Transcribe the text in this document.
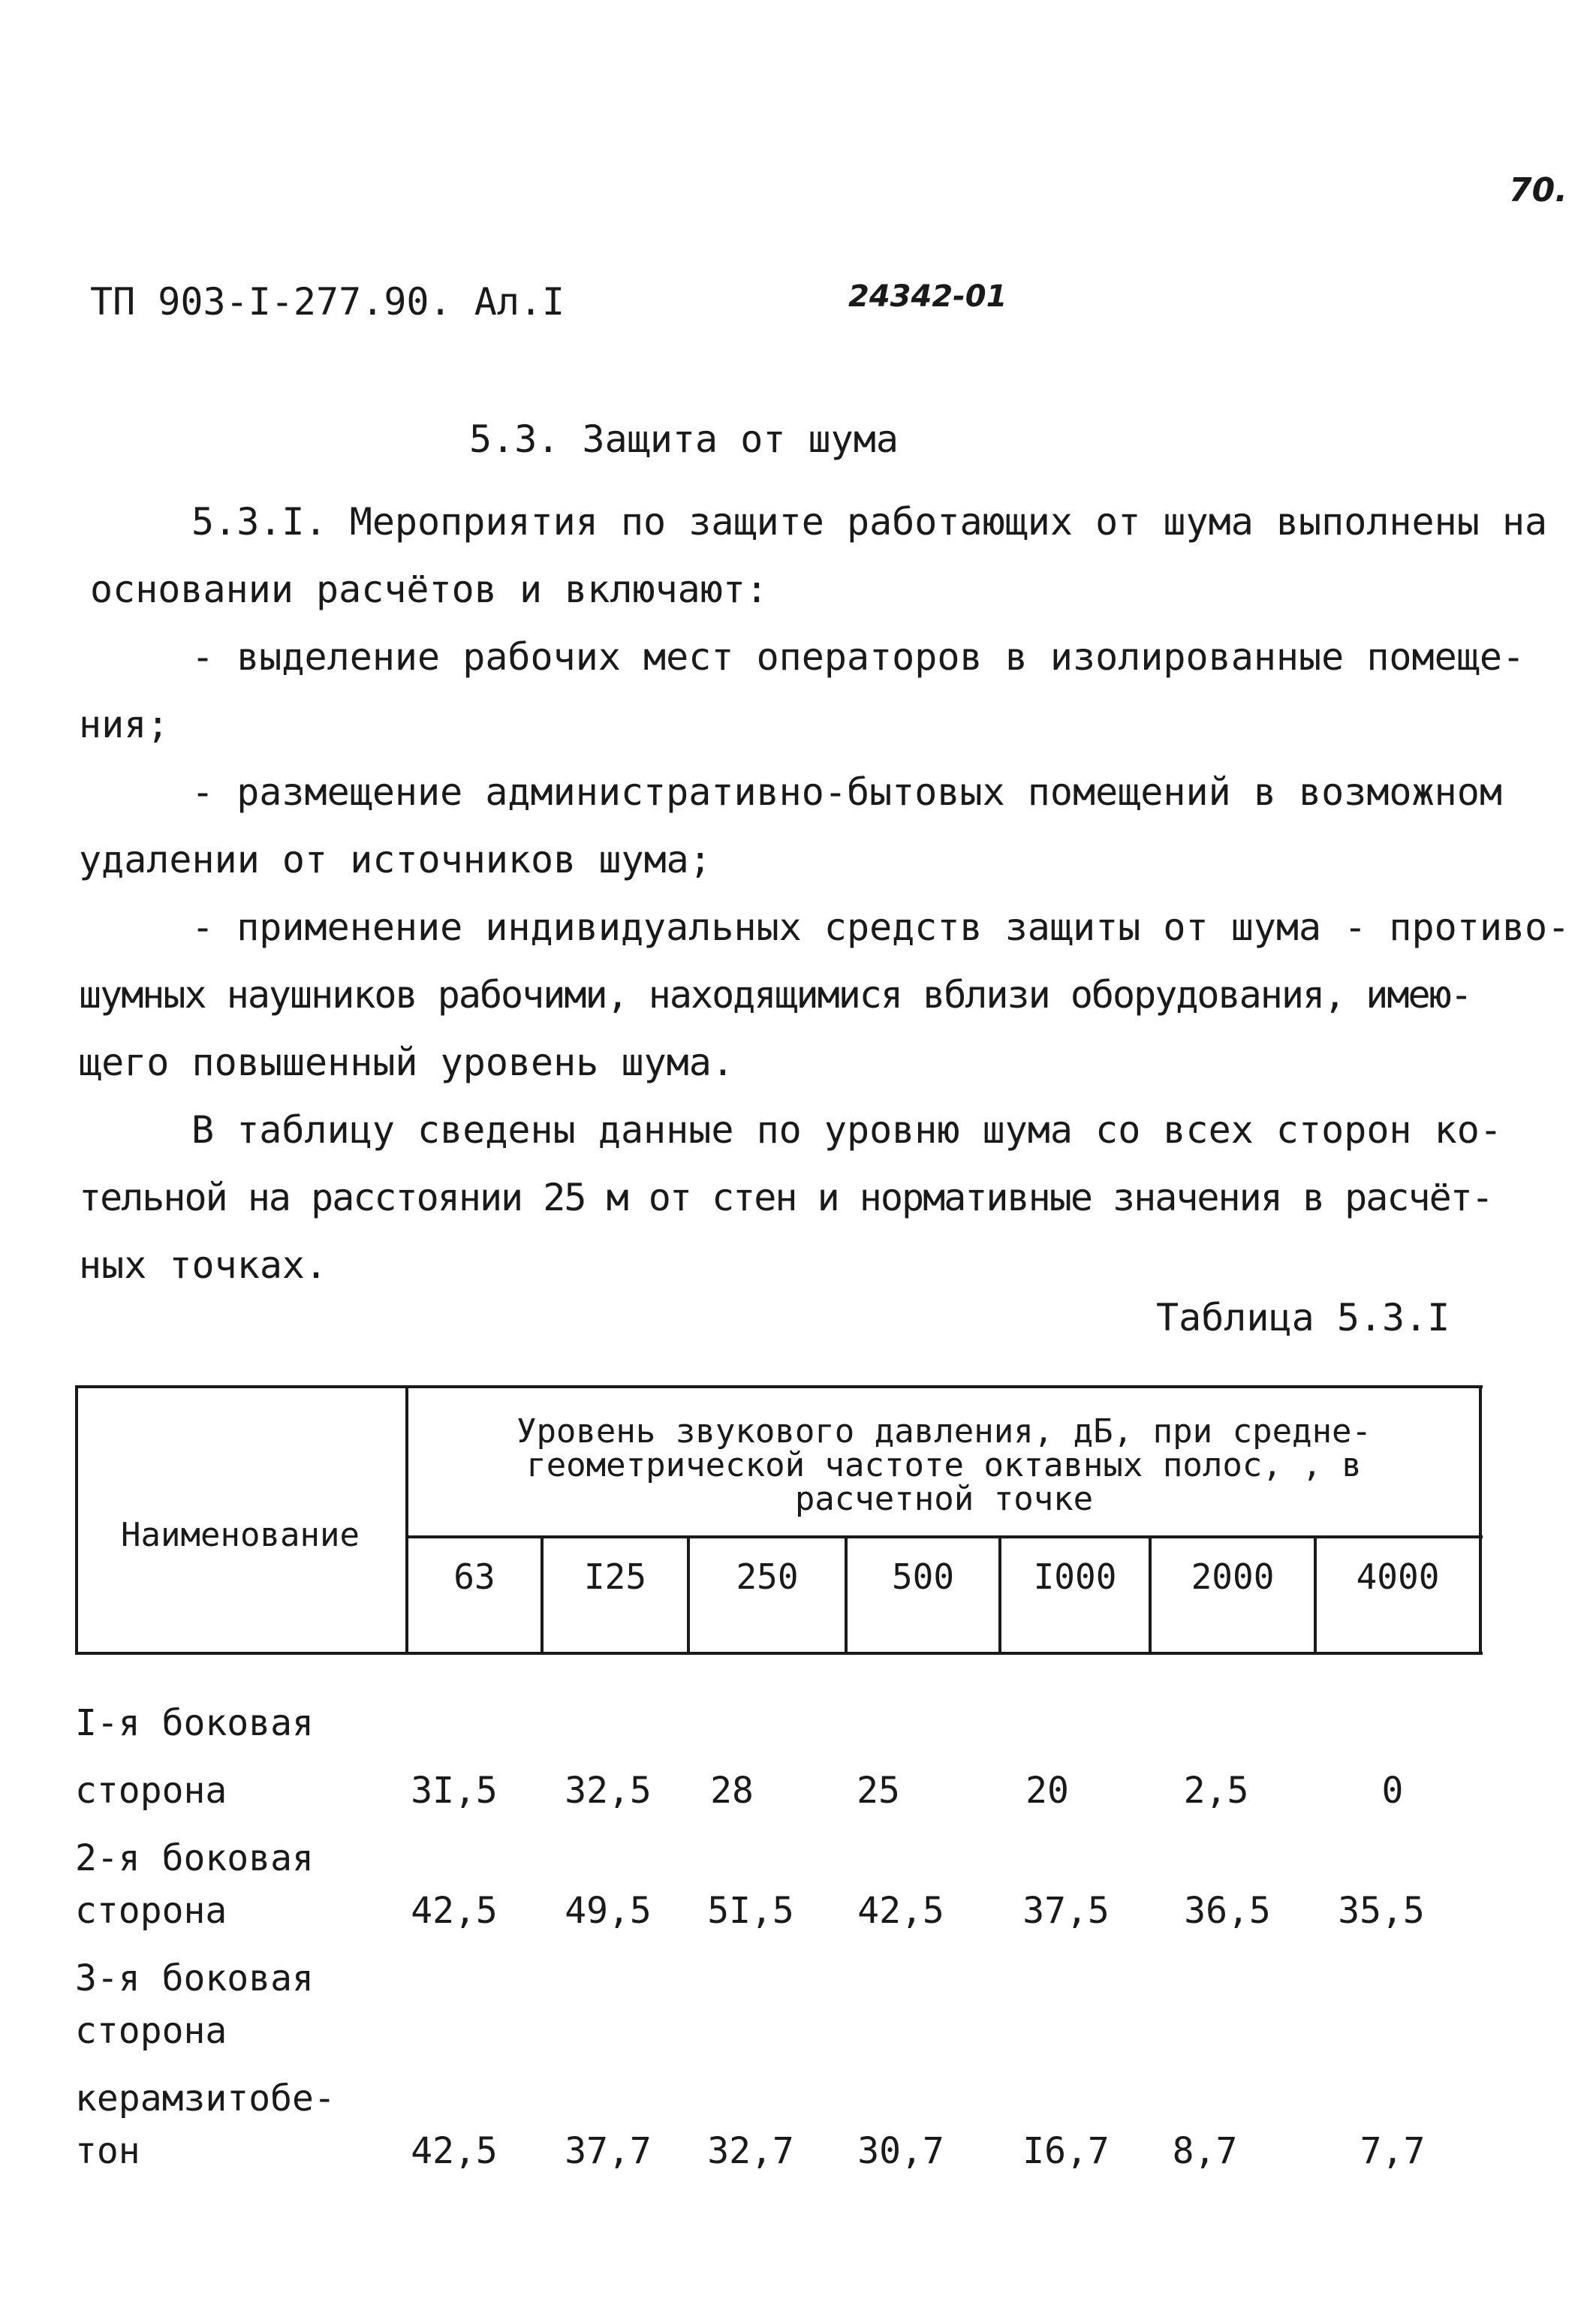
70.
ТП 903-I-277.90. Ал.I	24342-01
5.3. Защита от шума
5.3.I. Мероприятия по защите работающих от шума выполнены на
основании расчётов и включают:
- выделение рабочих мест операторов в изолированные помеще-
ния;
- размещение административно-бытовых помещений в возможном
удалении от источников шума;
- применение индивидуальных средств защиты от шума - противо-
шумных наушников рабочими, находящимися вблизи оборудования, имею-
щего повышенный уровень шума.
В таблицу сведены данные по уровню шума со всех сторон ко-
тельной на расстоянии 25 м от стен и нормативные значения в расчёт-
ных точках.
Таблица 5.3.I
Наименование
Уровень звукового давления, дБ, при средне-
геометрической частоте октавных полос, , в
расчетной точке
63	I25	250	500	I000	2000	4000
I-я боковая
сторона	3I,5	32,5	28	25	20	2,5	0
2-я боковая
сторона	42,5	49,5	5I,5	42,5	37,5	36,5	35,5
3-я боковая
сторона
керамзитобе-
тон	42,5	37,7	32,7	30,7	I6,7	8,7	7,7
